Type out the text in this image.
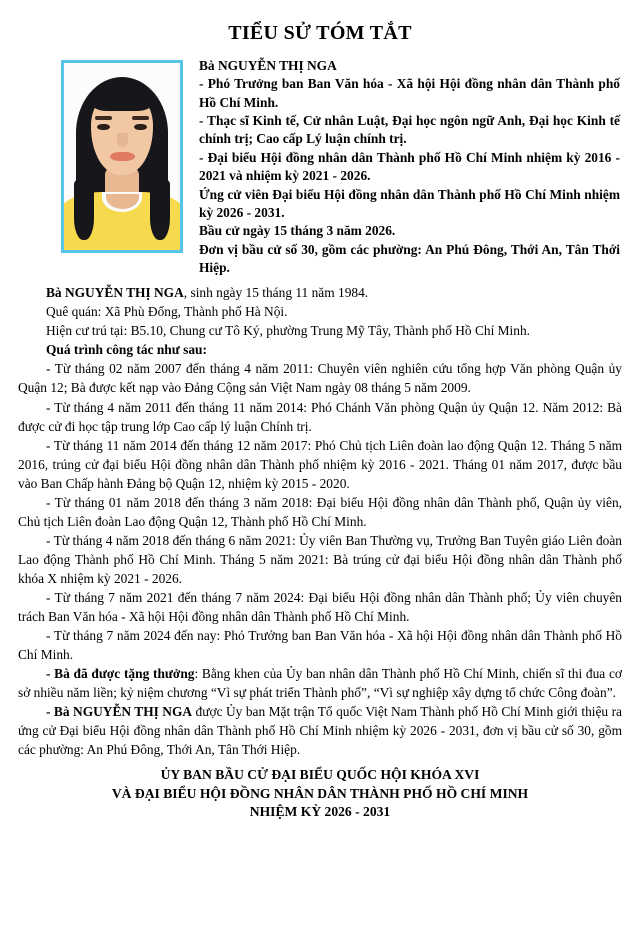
TIỂU SỬ TÓM TẮT

Bà NGUYỄN THỊ NGA

- Phó Trưởng ban Ban Văn hóa - Xã hội Hội đồng nhân dân Thành phố Hồ Chí Minh.

- Thạc sĩ Kinh tế, Cử nhân Luật, Đại học ngôn ngữ Anh, Đại học Kinh tế chính trị; Cao cấp Lý luận chính trị.

- Đại biểu Hội đồng nhân dân Thành phố Hồ Chí Minh nhiệm kỳ 2016 - 2021 và nhiệm kỳ 2021 - 2026.

Ứng cử viên Đại biểu Hội đồng nhân dân Thành phố Hồ Chí Minh nhiệm kỳ 2026 - 2031.

Bầu cử ngày 15 tháng 3 năm 2026.

Đơn vị bầu cử số 30, gồm các phường: An Phú Đông, Thới An, Tân Thới Hiệp.

Bà NGUYỄN THỊ NGA, sinh ngày 15 tháng 11 năm 1984.

Quê quán: Xã Phù Đổng, Thành phố Hà Nội.

Hiện cư trú tại: B5.10, Chung cư Tô Ký, phường Trung Mỹ Tây, Thành phố Hồ Chí Minh.

Quá trình công tác như sau:

- Từ tháng 02 năm 2007 đến tháng 4 năm 2011: Chuyên viên nghiên cứu tổng hợp Văn phòng Quận ủy Quận 12; Bà được kết nạp vào Đảng Cộng sản Việt Nam ngày 08 tháng 5 năm 2009.

- Từ tháng 4 năm 2011 đến tháng 11 năm 2014: Phó Chánh Văn phòng Quận ủy Quận 12. Năm 2012: Bà được cử đi học tập trung lớp Cao cấp lý luận Chính trị.

- Từ tháng 11 năm 2014 đến tháng 12 năm 2017: Phó Chủ tịch Liên đoàn lao động Quận 12. Tháng 5 năm 2016, trúng cử đại biểu Hội đồng nhân dân Thành phố nhiệm kỳ 2016 - 2021. Tháng 01 năm 2017, được bầu vào Ban Chấp hành Đảng bộ Quận 12, nhiệm kỳ 2015 - 2020.

- Từ tháng 01 năm 2018 đến tháng 3 năm 2018: Đại biểu Hội đồng nhân dân Thành phố, Quận ủy viên, Chủ tịch Liên đoàn Lao động Quận 12, Thành phố Hồ Chí Minh.

- Từ tháng 4 năm 2018 đến tháng 6 năm 2021: Ủy viên Ban Thường vụ, Trưởng Ban Tuyên giáo Liên đoàn Lao động Thành phố Hồ Chí Minh. Tháng 5 năm 2021: Bà trúng cử đại biểu Hội đồng nhân dân Thành phố khóa X nhiệm kỳ 2021 - 2026.

- Từ tháng 7 năm 2021 đến tháng 7 năm 2024: Đại biểu Hội đồng nhân dân Thành phố; Ủy viên chuyên trách Ban Văn hóa - Xã hội Hội đồng nhân dân Thành phố Hồ Chí Minh.

- Từ tháng 7 năm 2024 đến nay: Phó Trưởng ban Ban Văn hóa - Xã hội Hội đồng nhân dân Thành phố Hồ Chí Minh.

- Bà đã được tặng thưởng: Bằng khen của Ủy ban nhân dân Thành phố Hồ Chí Minh, chiến sĩ thi đua cơ sở nhiều năm liền; kỷ niệm chương “Vì sự phát triển Thành phố”, “Vì sự nghiệp xây dựng tổ chức Công đoàn”.

- Bà NGUYỄN THỊ NGA được Ủy ban Mặt trận Tổ quốc Việt Nam Thành phố Hồ Chí Minh giới thiệu ra ứng cử Đại biểu Hội đồng nhân dân Thành phố Hồ Chí Minh nhiệm kỳ 2026 - 2031, đơn vị bầu cử số 30, gồm các phường: An Phú Đông, Thới An, Tân Thới Hiệp.

ỦY BAN BẦU CỬ ĐẠI BIỂU QUỐC HỘI KHÓA XVI
VÀ ĐẠI BIỂU HỘI ĐỒNG NHÂN DÂN THÀNH PHỐ HỒ CHÍ MINH
NHIỆM KỲ 2026 - 2031
